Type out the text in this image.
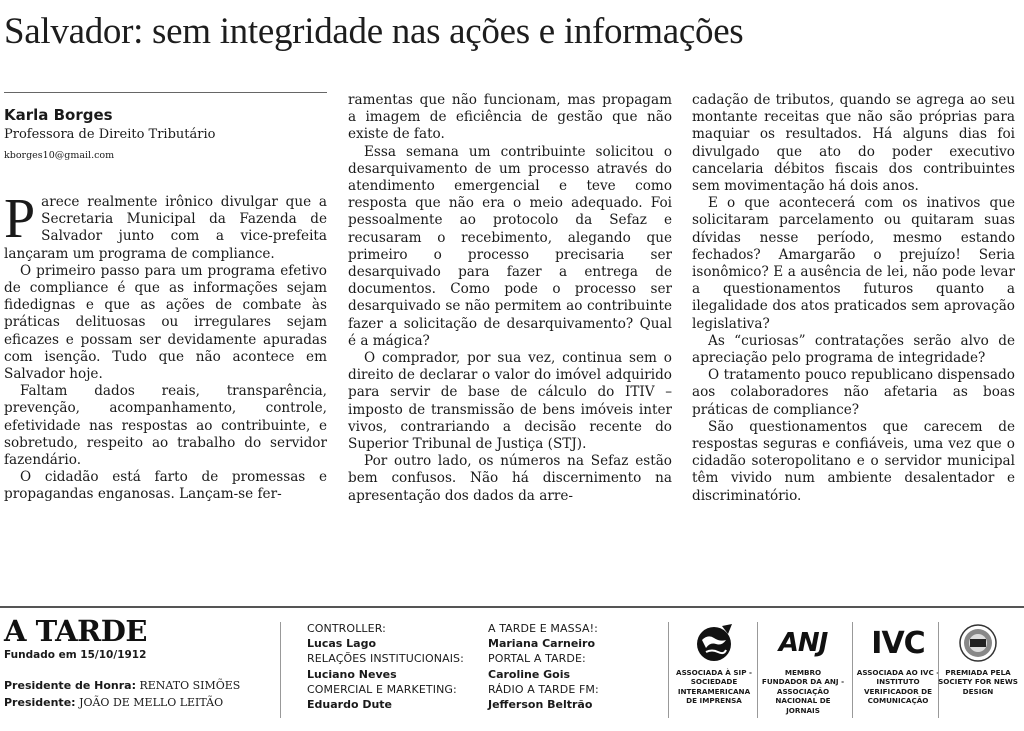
Salvador: sem integridade nas ações e informações
Karla Borges
Professora de Direito Tributário
kborges10@gmail.com

Parece realmente irônico divulgar que a Secretaria Municipal da Fazenda de Salvador junto com a vice-prefeita lançaram um programa de compliance.

O primeiro passo para um programa efetivo de compliance é que as informações sejam fidedignas e que as ações de combate às práticas delituosas ou irregulares sejam eficazes e possam ser devidamente apuradas com isenção. Tudo que não acontece em Salvador hoje.

Faltam dados reais, transparência, prevenção, acompanhamento, controle, efetividade nas respostas ao contribuinte, e sobretudo, respeito ao trabalho do servidor fazendário.

O cidadão está farto de promessas e propagandas enganosas. Lançam-se fer-

ramentas que não funcionam, mas propagam a imagem de eficiência de gestão que não existe de fato.

Essa semana um contribuinte solicitou o desarquivamento de um processo através do atendimento emergencial e teve como resposta que não era o meio adequado. Foi pessoalmente ao protocolo da Sefaz e recusaram o recebimento, alegando que primeiro o processo precisaria ser desarquivado para fazer a entrega de documentos. Como pode o processo ser desarquivado se não permitem ao contribuinte fazer a solicitação de desarquivamento? Qual é a mágica?

O comprador, por sua vez, continua sem o direito de declarar o valor do imóvel adquirido para servir de base de cálculo do ITIV – imposto de transmissão de bens imóveis inter vivos, contrariando a decisão recente do Superior Tribunal de Justiça (STJ).

Por outro lado, os números na Sefaz estão bem confusos. Não há discernimento na apresentação dos dados da arre-

cadação de tributos, quando se agrega ao seu montante receitas que não são próprias para maquiar os resultados. Há alguns dias foi divulgado que ato do poder executivo cancelaria débitos fiscais dos contribuintes sem movimentação há dois anos.

E o que acontecerá com os inativos que solicitaram parcelamento ou quitaram suas dívidas nesse período, mesmo estando fechados? Amargarão o prejuízo! Seria isonômico? E a ausência de lei, não pode levar a questionamentos futuros quanto a ilegalidade dos atos praticados sem aprovação legislativa?

As “curiosas” contratações serão alvo de apreciação pelo programa de integridade?

O tratamento pouco republicano dispensado aos colaboradores não afetaria as boas práticas de compliance?

São questionamentos que carecem de respostas seguras e confiáveis, uma vez que o cidadão soteropolitano e o servidor municipal têm vivido num ambiente desalentador e discriminatório.

A TARDE
Fundado em 15/10/1912
Presidente de Honra: RENATO SIMÕES
Presidente: JOÃO DE MELLO LEITÃO
CONTROLLER:
Lucas Lago
RELAÇÕES INSTITUCIONAIS:
Luciano Neves
COMERCIAL E MARKETING:
Eduardo Dute
A TARDE E MASSA!:
Mariana Carneiro
PORTAL A TARDE:
Caroline Gois
RÁDIO A TARDE FM:
Jefferson Beltrão
ASSOCIADA À SIP - SOCIEDADE INTERAMERICANA DE IMPRENSA
ANJ
MEMBRO FUNDADOR DA ANJ - ASSOCIAÇÃO NACIONAL DE JORNAIS
IVC
ASSOCIADA AO IVC - INSTITUTO VERIFICADOR DE COMUNICAÇÃO
PREMIADA PELA SOCIETY FOR NEWS DESIGN
